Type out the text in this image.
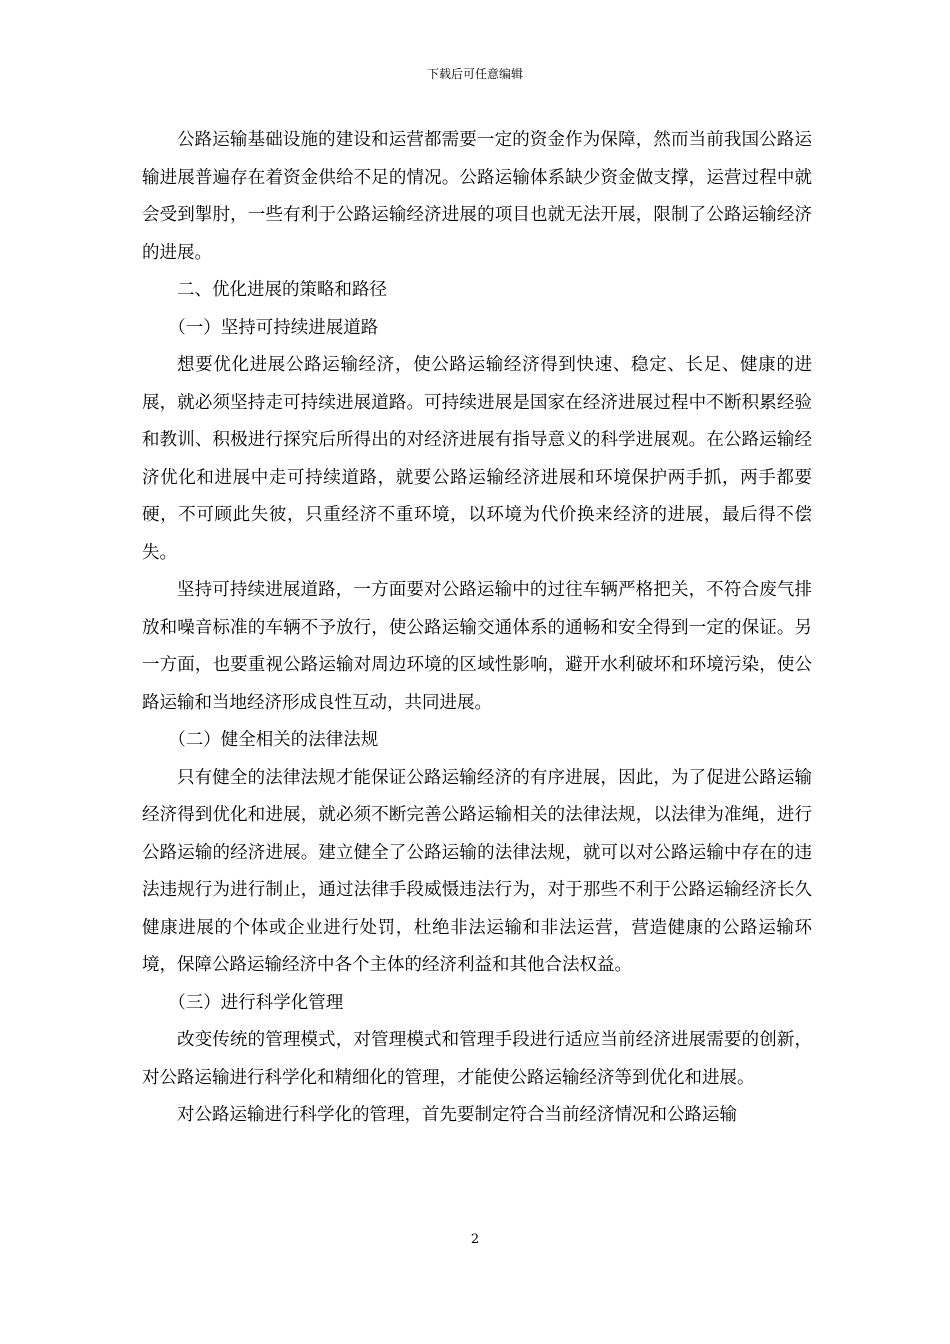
下载后可任意编辑

公路运输基础设施的建设和运营都需要一定的资金作为保障，然而当前我国公路运输进展普遍存在着资金供给不足的情况。公路运输体系缺少资金做支撑，运营过程中就会受到掣肘，一些有利于公路运输经济进展的项目也就无法开展，限制了公路运输经济的进展。

二、优化进展的策略和路径

（一）坚持可持续进展道路

想要优化进展公路运输经济，使公路运输经济得到快速、稳定、长足、健康的进展，就必须坚持走可持续进展道路。可持续进展是国家在经济进展过程中不断积累经验和教训、积极进行探究后所得出的对经济进展有指导意义的科学进展观。在公路运输经济优化和进展中走可持续道路，就要公路运输经济进展和环境保护两手抓，两手都要硬，不可顾此失彼，只重经济不重环境，以环境为代价换来经济的进展，最后得不偿失。

坚持可持续进展道路，一方面要对公路运输中的过往车辆严格把关，不符合废气排放和噪音标准的车辆不予放行，使公路运输交通体系的通畅和安全得到一定的保证。另一方面，也要重视公路运输对周边环境的区域性影响，避开水利破坏和环境污染，使公路运输和当地经济形成良性互动，共同进展。

（二）健全相关的法律法规

只有健全的法律法规才能保证公路运输经济的有序进展，因此，为了促进公路运输经济得到优化和进展，就必须不断完善公路运输相关的法律法规，以法律为准绳，进行公路运输的经济进展。建立健全了公路运输的法律法规，就可以对公路运输中存在的违法违规行为进行制止，通过法律手段威慑违法行为，对于那些不利于公路运输经济长久健康进展的个体或企业进行处罚，杜绝非法运输和非法运营，营造健康的公路运输环境，保障公路运输经济中各个主体的经济利益和其他合法权益。

（三）进行科学化管理

改变传统的管理模式，对管理模式和管理手段进行适应当前经济进展需要的创新，对公路运输进行科学化和精细化的管理，才能使公路运输经济等到优化和进展。

对公路运输进行科学化的管理，首先要制定符合当前经济情况和公路运输

2
